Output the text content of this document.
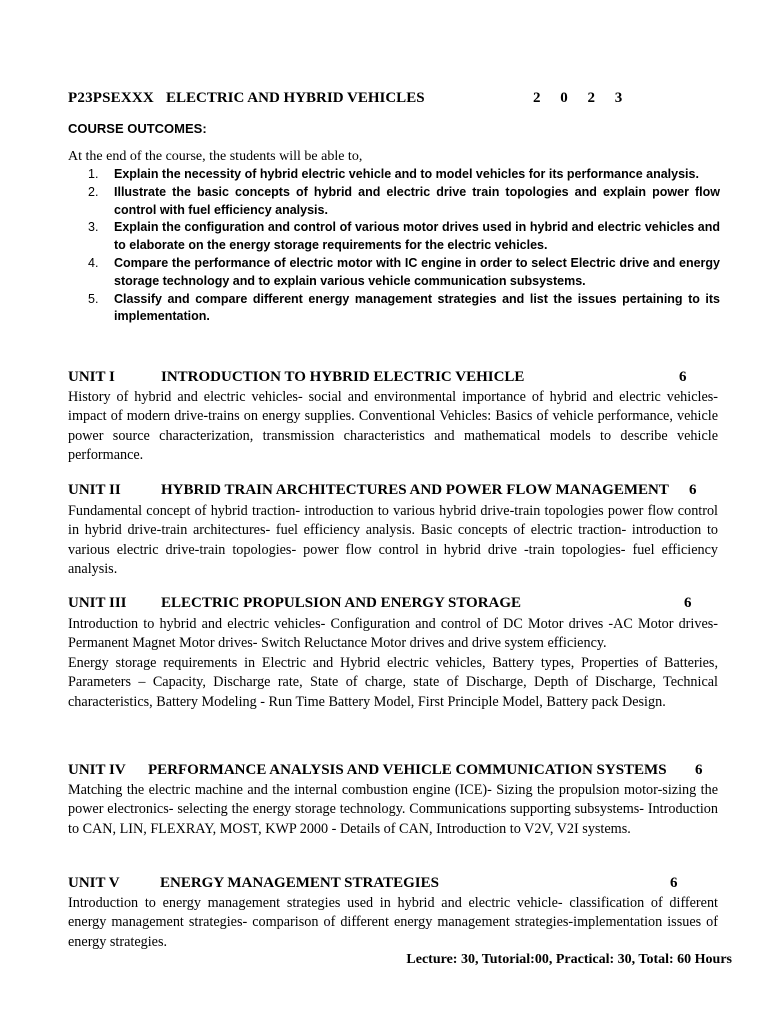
P23PSEXXX ELECTRIC AND HYBRID VEHICLES	2 0 2 3
COURSE OUTCOMES:
At the end of the course, the students will be able to,
1. Explain the necessity of hybrid electric vehicle and to model vehicles for its performance analysis.
2. Illustrate the basic concepts of hybrid and electric drive train topologies and explain power flow control with fuel efficiency analysis.
3. Explain the configuration and control of various motor drives used in hybrid and electric vehicles and to elaborate on the energy storage requirements for the electric vehicles.
4. Compare the performance of electric motor with IC engine in order to select Electric drive and energy storage technology and to explain various vehicle communication subsystems.
5. Classify and compare different energy management strategies and list the issues pertaining to its implementation.
UNIT I	INTRODUCTION TO HYBRID ELECTRIC VEHICLE	6

History of hybrid and electric vehicles- social and environmental importance of hybrid and electric vehicles- impact of modern drive-trains on energy supplies. Conventional Vehicles: Basics of vehicle performance, vehicle power source characterization, transmission characteristics and mathematical models to describe vehicle performance.

UNIT II	HYBRID TRAIN ARCHITECTURES AND POWER FLOW MANAGEMENT 6

Fundamental concept of hybrid traction- introduction to various hybrid drive-train topologies power flow control in hybrid drive-train architectures- fuel efficiency analysis. Basic concepts of electric traction- introduction to various electric drive-train topologies- power flow control in hybrid drive -train topologies- fuel efficiency analysis.

UNIT III ELECTRIC PROPULSION AND ENERGY STORAGE	6

Introduction to hybrid and electric vehicles- Configuration and control of DC Motor drives -AC Motor drives- Permanent Magnet Motor drives- Switch Reluctance Motor drives and drive system efficiency.

Energy storage requirements in Electric and Hybrid electric vehicles, Battery types, Properties of Batteries, Parameters – Capacity, Discharge rate, State of charge, state of Discharge, Depth of Discharge, Technical characteristics, Battery Modeling - Run Time Battery Model, First Principle Model, Battery pack Design.

UNIT IV PERFORMANCE ANALYSIS AND VEHICLE COMMUNICATION SYSTEMS 6

Matching the electric machine and the internal combustion engine (ICE)- Sizing the propulsion motor-sizing the power electronics- selecting the energy storage technology. Communications supporting subsystems- Introduction to CAN, LIN, FLEXRAY, MOST, KWP 2000 - Details of CAN, Introduction to V2V, V2I systems.

UNIT V	ENERGY MANAGEMENT STRATEGIES	6

Introduction to energy management strategies used in hybrid and electric vehicle- classification of different energy management strategies- comparison of different energy management strategies-implementation issues of energy strategies.

Lecture: 30, Tutorial:00, Practical: 30, Total: 60 Hours
